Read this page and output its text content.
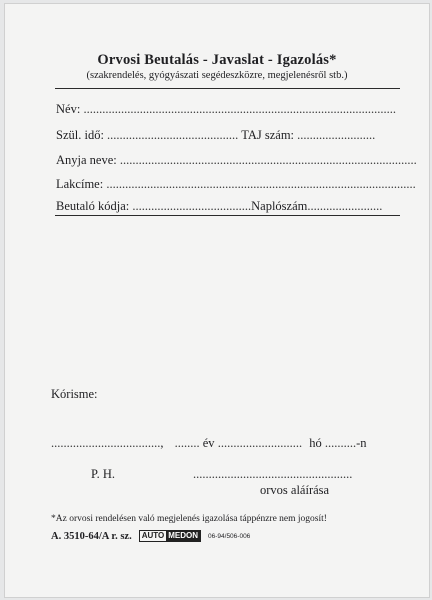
Orvosi Beutalás - Javaslat - Igazolás*
(szakrendelés, gyógyászati segédeszközre, megjelenésről stb.)
Név: ....................................................................................................
Szül. idő: .......................................... TAJ szám: .........................
Anyja neve: ...............................................................................................
Lakcíme: ...................................................................................................
Beutaló kódja: ......................................Naplószám........................
Kórisme:
..................................., ........ év ........................... hó ..........-n
P. H.	...................................................
orvos aláírása
*Az orvosi rendelésen való megjelenés igazolása táppénzre nem jogosít!
A. 3510-64/A r. sz. AUTO MEDON	06-94/506-006
